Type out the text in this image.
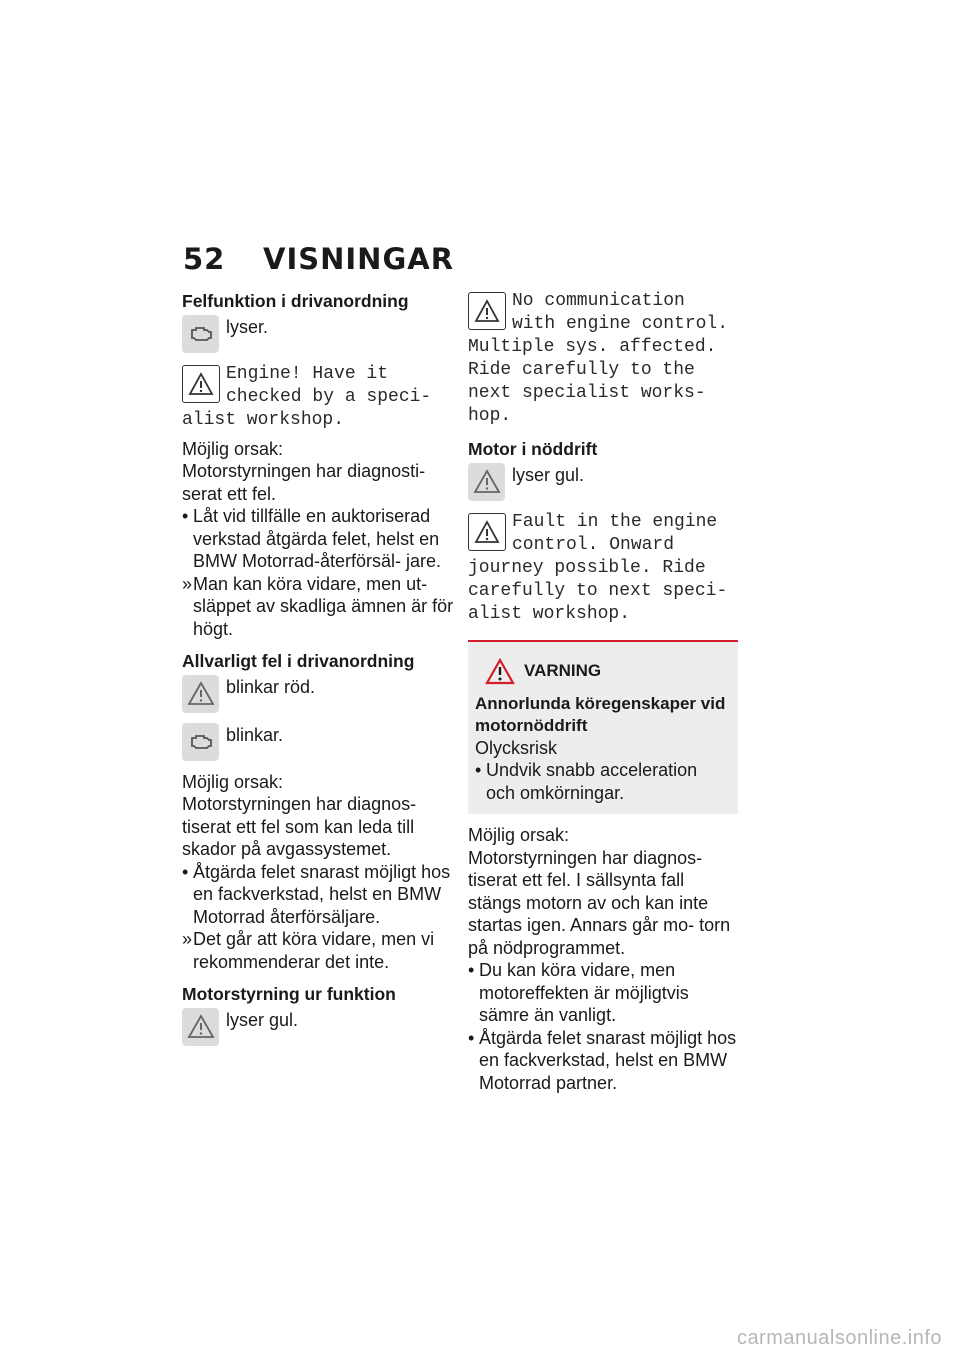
52 VISNINGAR
Felfunktion i drivanordning
lyser.
Engine! Have it checked by a speci- alist workshop.
Möjlig orsak:
Motorstyrningen har diagnosti- serat ett fel.
• Låt vid tillfälle en auktoriserad verkstad åtgärda felet, helst en BMW Motorrad-återförsäl- jare.
» Man kan köra vidare, men ut- släppet av skadliga ämnen är för högt.
Allvarligt fel i drivanordning
blinkar röd.
blinkar.
Möjlig orsak:
Motorstyrningen har diagnos- tiserat ett fel som kan leda till skador på avgassystemet.
• Åtgärda felet snarast möjligt hos en fackverkstad, helst en BMW Motorrad återförsäljare.
» Det går att köra vidare, men vi rekommenderar det inte.
Motorstyrning ur funktion
lyser gul.
No communication with engine control. Multiple sys. affected. Ride carefully to the next specialist works- hop.
Motor i nöddrift
lyser gul.
Fault in the engine control. Onward journey possible. Ride carefully to next speci- alist workshop.
VARNING
Annorlunda köregenskaper vid motornöddrift
Olycksrisk
• Undvik snabb acceleration och omkörningar.
Möjlig orsak:
Motorstyrningen har diagnos- tiserat ett fel. I sällsynta fall stängs motorn av och kan inte startas igen. Annars går mo- torn på nödprogrammet.
• Du kan köra vidare, men motoreffekten är möjligtvis sämre än vanligt.
• Åtgärda felet snarast möjligt hos en fackverkstad, helst en BMW Motorrad partner.
carmanualsonline.info
